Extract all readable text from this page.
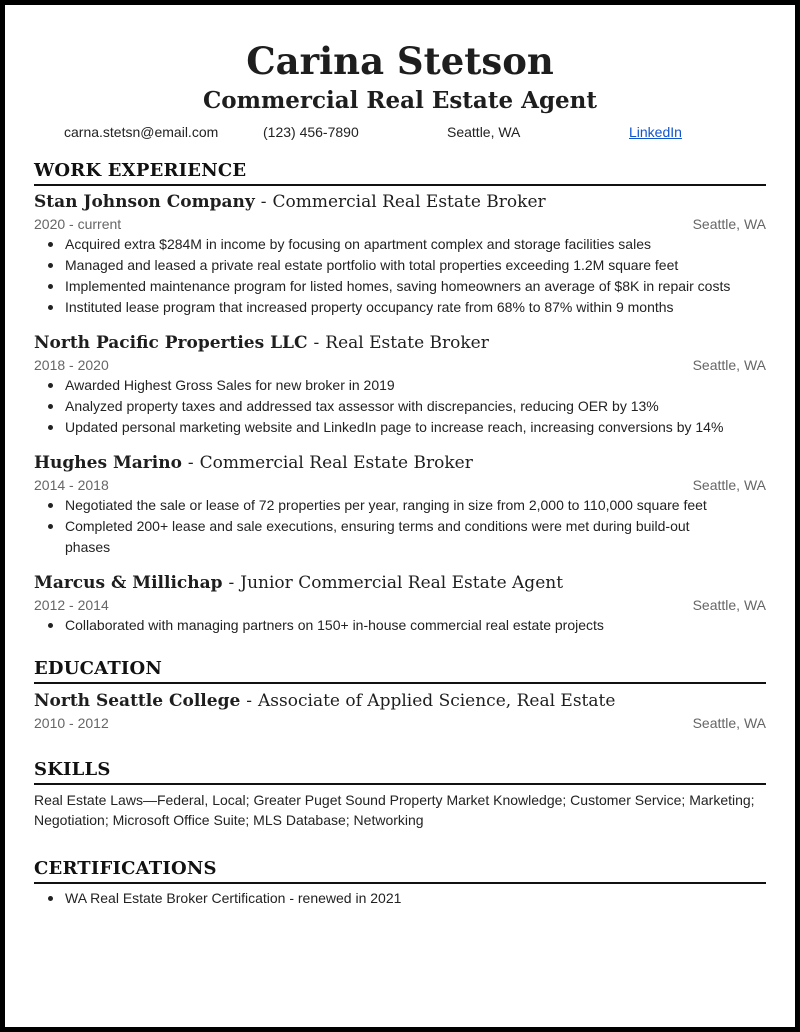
Carina Stetson
Commercial Real Estate Agent
carna.stetsn@email.com	(123) 456-7890	Seattle, WA	LinkedIn
WORK EXPERIENCE
Stan Johnson Company - Commercial Real Estate Broker
2020 - current	Seattle, WA
Acquired extra $284M in income by focusing on apartment complex and storage facilities sales
Managed and leased a private real estate portfolio with total properties exceeding 1.2M square feet
Implemented maintenance program for listed homes, saving homeowners an average of $8K in repair costs
Instituted lease program that increased property occupancy rate from 68% to 87% within 9 months
North Pacific Properties LLC - Real Estate Broker
2018 - 2020	Seattle, WA
Awarded Highest Gross Sales for new broker in 2019
Analyzed property taxes and addressed tax assessor with discrepancies, reducing OER by 13%
Updated personal marketing website and LinkedIn page to increase reach, increasing conversions by 14%
Hughes Marino - Commercial Real Estate Broker
2014 - 2018	Seattle, WA
Negotiated the sale or lease of 72 properties per year, ranging in size from 2,000 to 110,000 square feet
Completed 200+ lease and sale executions, ensuring terms and conditions were met during build-out phases
Marcus & Millichap - Junior Commercial Real Estate Agent
2012 - 2014	Seattle, WA
Collaborated with managing partners on 150+ in-house commercial real estate projects
EDUCATION
North Seattle College - Associate of Applied Science, Real Estate
2010 - 2012	Seattle, WA
SKILLS
Real Estate Laws—Federal, Local; Greater Puget Sound Property Market Knowledge; Customer Service; Marketing; Negotiation; Microsoft Office Suite; MLS Database; Networking
CERTIFICATIONS
WA Real Estate Broker Certification - renewed in 2021
